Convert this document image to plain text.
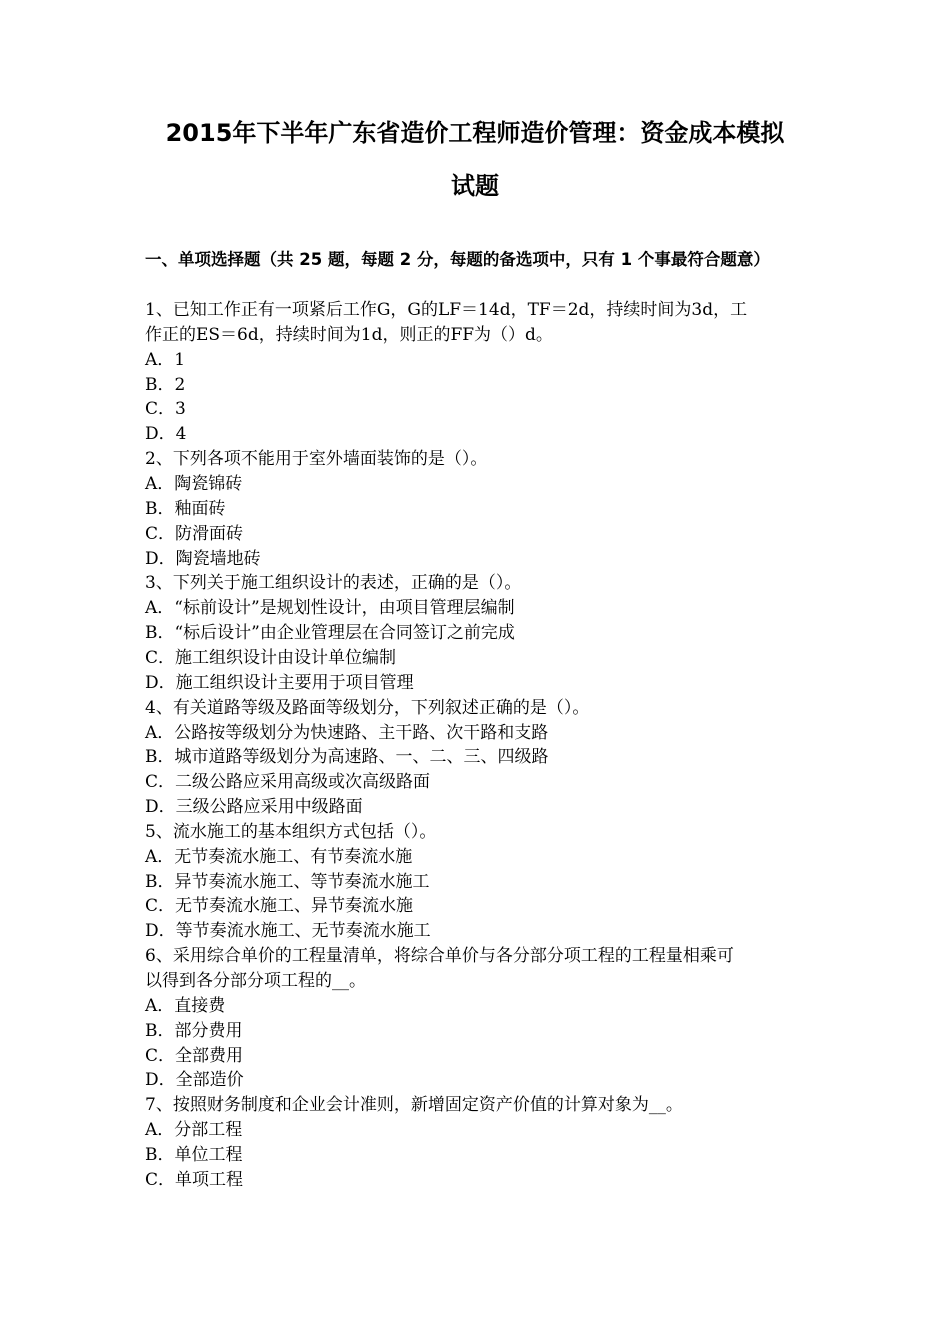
2015年下半年广东省造价工程师造价管理：资金成本模拟
试题
一、单项选择题（共 25 题，每题 2 分，每题的备选项中，只有 1 个事最符合题意）
1、已知工作正有一项紧后工作G，G的LF＝14d，TF＝2d，持续时间为3d，工
作正的ES＝6d，持续时间为1d，则正的FF为（）d。
A．1
B．2
C．3
D．4
2、下列各项不能用于室外墙面装饰的是（）。
A．陶瓷锦砖
B．釉面砖
C．防滑面砖
D．陶瓷墙地砖
3、下列关于施工组织设计的表述，正确的是（）。
A．“标前设计”是规划性设计，由项目管理层编制
B．“标后设计”由企业管理层在合同签订之前完成
C．施工组织设计由设计单位编制
D．施工组织设计主要用于项目管理
4、有关道路等级及路面等级划分，下列叙述正确的是（）。
A．公路按等级划分为快速路、主干路、次干路和支路
B．城市道路等级划分为高速路、一、二、三、四级路
C．二级公路应采用高级或次高级路面
D．三级公路应采用中级路面
5、流水施工的基本组织方式包括（）。
A．无节奏流水施工、有节奏流水施
B．异节奏流水施工、等节奏流水施工
C．无节奏流水施工、异节奏流水施
D．等节奏流水施工、无节奏流水施工
6、采用综合单价的工程量清单，将综合单价与各分部分项工程的工程量相乘可
以得到各分部分项工程的__。
A．直接费
B．部分费用
C．全部费用
D．全部造价
7、按照财务制度和企业会计准则，新增固定资产价值的计算对象为__。
A．分部工程
B．单位工程
C．单项工程
